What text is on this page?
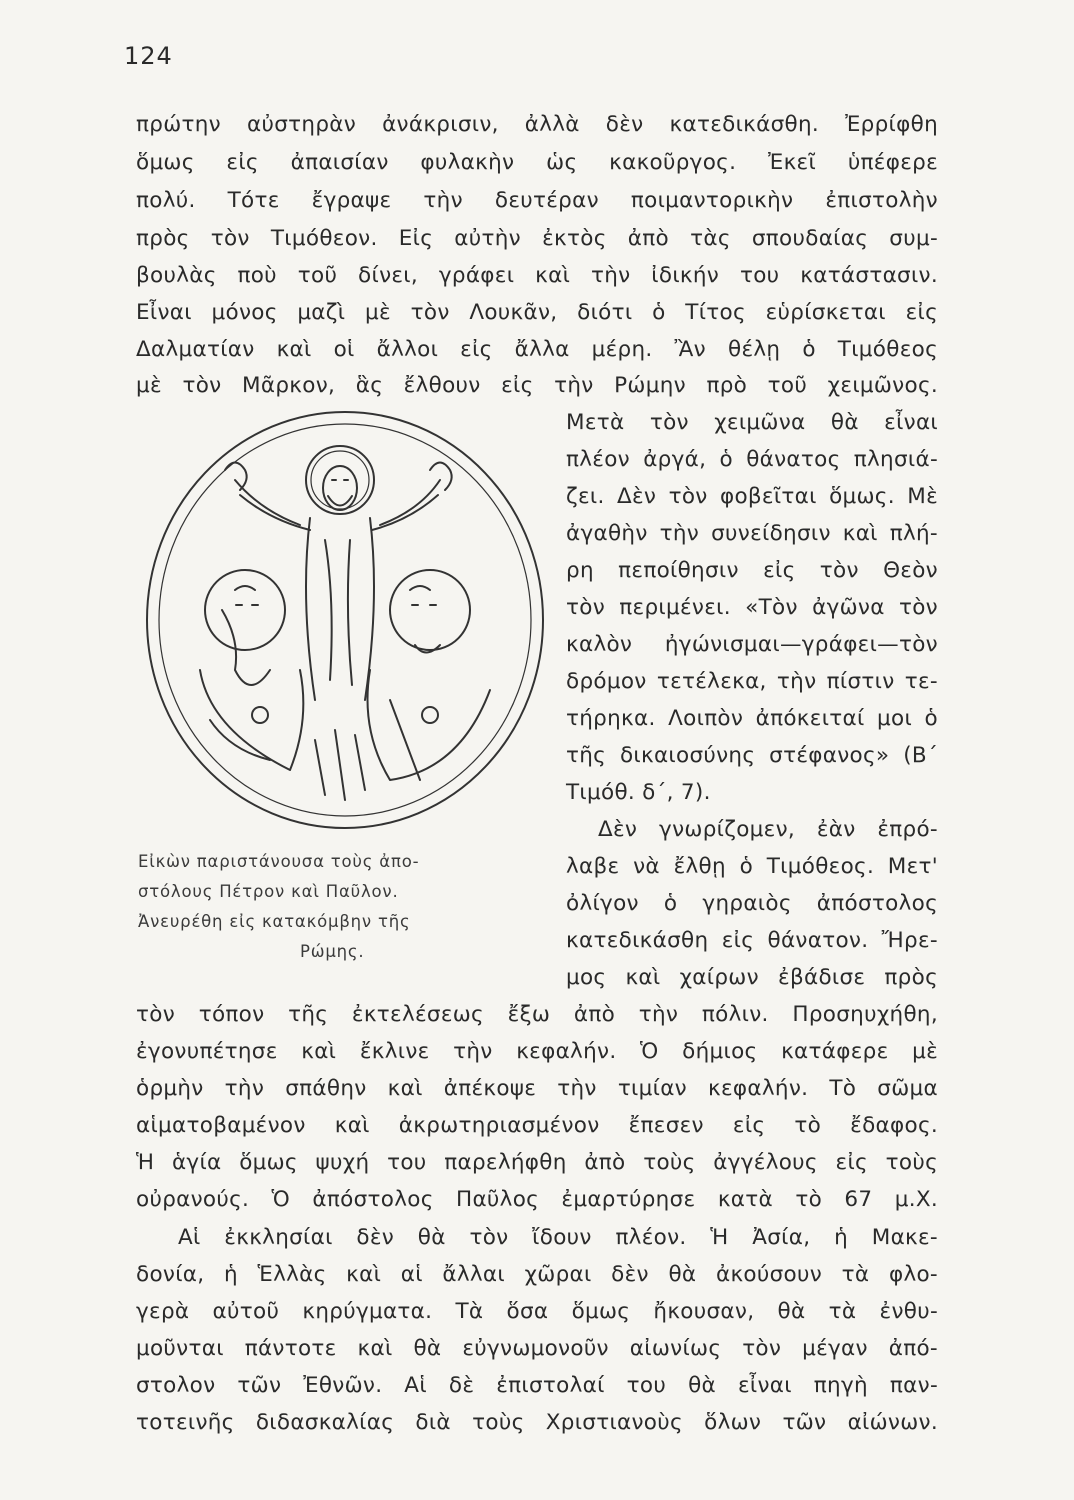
124
πρώτην αὐστηρὰν ἀνάκρισιν, ἀλλὰ δὲν κατεδικάσθη. Ἐρρίφθη
ὅμως εἰς ἀπαισίαν φυλακὴν ὡς κακοῦργος. Ἐκεῖ ὑπέφερε
πολύ. Τότε ἔγραψε τὴν δευτέραν ποιμαντορικὴν ἐπιστολὴν
πρὸς τὸν Τιμόθεον. Εἰς αὐτὴν ἐκτὸς ἀπὸ τὰς σπουδαίας συμ-
βουλὰς ποὺ τοῦ δίνει, γράφει καὶ τὴν ἰδικήν του κατάστασιν.
Εἶναι μόνος μαζὶ μὲ τὸν Λουκᾶν, διότι ὁ Τίτος εὑρίσκεται εἰς
Δαλματίαν καὶ οἱ ἄλλοι εἰς ἄλλα μέρη. Ἂν θέλῃ ὁ Τιμόθεος
μὲ τὸν Μᾶρκον, ἃς ἔλθουν εἰς τὴν Ρώμην πρὸ τοῦ χειμῶνος.
Μετὰ τὸν χειμῶνα θὰ εἶναι
πλέον ἀργά, ὁ θάνατος πλησιά-
ζει. Δὲν τὸν φοβεῖται ὅμως. Μὲ
ἀγαθὴν τὴν συνείδησιν καὶ πλή-
ρη πεποίθησιν εἰς τὸν Θεὸν
τὸν περιμένει. «Τὸν ἀγῶνα τὸν
καλὸν ἠγώνισμαι—γράφει—τὸν
δρόμον τετέλεκα, τὴν πίστιν τε-
τήρηκα. Λοιπὸν ἀπόκειταί μοι ὁ
τῆς δικαιοσύνης στέφανος» (Β΄
Τιμόθ. δ΄, 7).
Δὲν γνωρίζομεν, ἐὰν ἐπρό-
λαβε νὰ ἔλθῃ ὁ Τιμόθεος. Μετ'
ὀλίγον ὁ γηραιὸς ἀπόστολος
κατεδικάσθη εἰς θάνατον. Ἤρε-
μος καὶ χαίρων ἐβάδισε πρὸς
Εἰκὼν παριστάνουσα τοὺς ἀπο-
στόλους Πέτρον καὶ Παῦλον.
Ἀνευρέθη εἰς κατακόμβην τῆς
Ρώμης.
τὸν τόπον τῆς ἐκτελέσεως ἔξω ἀπὸ τὴν πόλιν. Προσηυχήθη,
ἐγονυπέτησε καὶ ἔκλινε τὴν κεφαλήν. Ὁ δήμιος κατάφερε μὲ
ὁρμὴν τὴν σπάθην καὶ ἀπέκοψε τὴν τιμίαν κεφαλήν. Τὸ σῶμα
αἱματοβαμένον καὶ ἀκρωτηριασμένον ἔπεσεν εἰς τὸ ἔδαφος.
Ἡ ἁγία ὅμως ψυχή του παρελήφθη ἀπὸ τοὺς ἀγγέλους εἰς τοὺς
οὐρανούς. Ὁ ἀπόστολος Παῦλος ἐμαρτύρησε κατὰ τὸ 67 μ.Χ.
Αἱ ἐκκλησίαι δὲν θὰ τὸν ἴδουν πλέον. Ἡ Ἀσία, ἡ Μακε-
δονία, ἡ Ἑλλὰς καὶ αἱ ἄλλαι χῶραι δὲν θὰ ἀκούσουν τὰ φλο-
γερὰ αὐτοῦ κηρύγματα. Τὰ ὅσα ὅμως ἤκουσαν, θὰ τὰ ἐνθυ-
μοῦνται πάντοτε καὶ θὰ εὐγνωμονοῦν αἰωνίως τὸν μέγαν ἀπό-
στολον τῶν Ἐθνῶν. Αἱ δὲ ἐπιστολαί του θὰ εἶναι πηγὴ παν-
τοτεινῆς διδασκαλίας διὰ τοὺς Χριστιανοὺς ὅλων τῶν αἰώνων.
